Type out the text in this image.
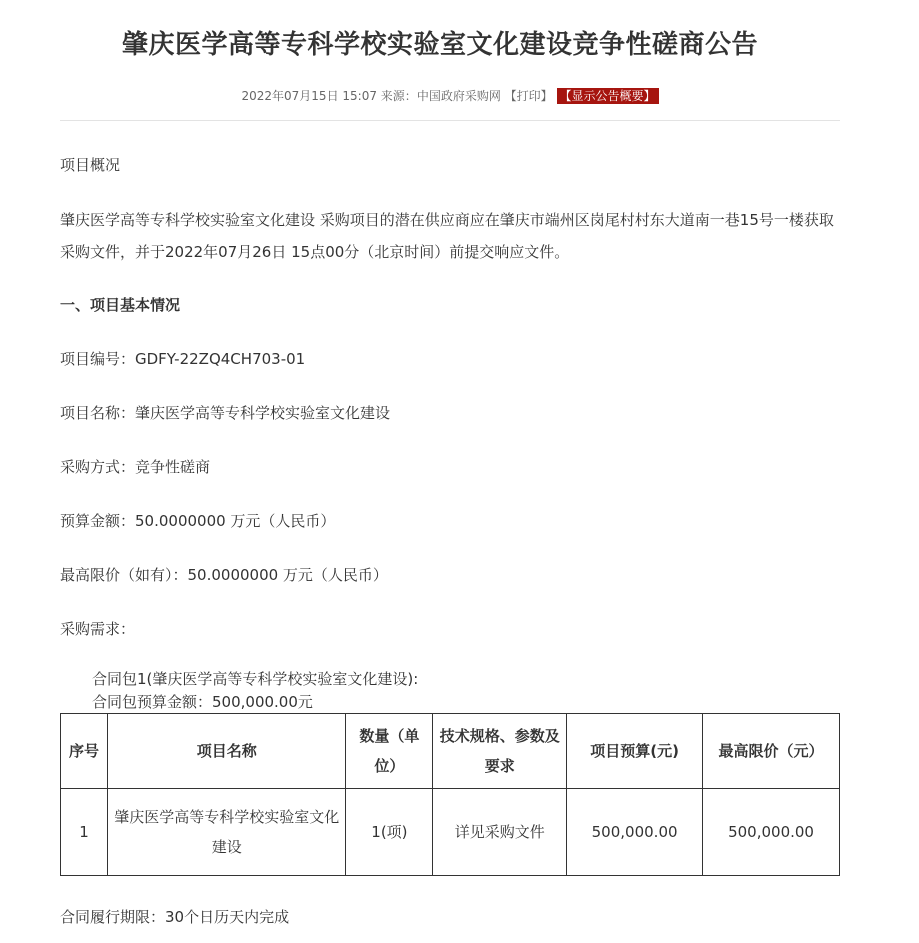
肇庆医学高等专科学校实验室文化建设竞争性磋商公告
2022年07月15日 15:07 来源：中国政府采购网 【打印】 【显示公告概要】
项目概况
肇庆医学高等专科学校实验室文化建设 采购项目的潜在供应商应在肇庆市端州区岗尾村村东大道南一巷15号一楼获取采购文件，并于2022年07月26日 15点00分（北京时间）前提交响应文件。
一、项目基本情况
项目编号：GDFY-22ZQ4CH703-01
项目名称：肇庆医学高等专科学校实验室文化建设
采购方式：竞争性磋商
预算金额：50.0000000 万元（人民币）
最高限价（如有）：50.0000000 万元（人民币）
采购需求：
合同包1(肇庆医学高等专科学校实验室文化建设):
合同包预算金额：500,000.00元
序号	项目名称	数量（单位）	技术规格、参数及要求	项目预算(元)	最高限价（元）
1	肇庆医学高等专科学校实验室文化建设	1(项)	详见采购文件	500,000.00	500,000.00
合同履行期限：30个日历天内完成
